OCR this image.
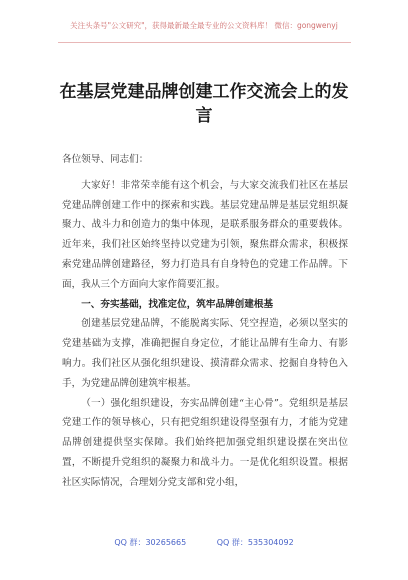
关注头条号"公文研究"，获得最新最全最专业的公文资料库！ 微信：gongwenyj
在基层党建品牌创建工作交流会上的发言

各位领导、同志们：

大家好！非常荣幸能有这个机会，与大家交流我们社区在基层党建品牌创建工作中的探索和实践。基层党建品牌是基层党组织凝聚力、战斗力和创造力的集中体现，是联系服务群众的重要载体。近年来，我们社区始终坚持以党建为引领，聚焦群众需求，积极探索党建品牌创建路径，努力打造具有自身特色的党建工作品牌。下面，我从三个方面向大家作简要汇报。

一、夯实基础，找准定位，筑牢品牌创建根基

创建基层党建品牌，不能脱离实际、凭空捏造，必须以坚实的党建基础为支撑，准确把握自身定位，才能让品牌有生命力、有影响力。我们社区从强化组织建设、摸清群众需求、挖掘自身特色入手，为党建品牌创建筑牢根基。

（一）强化组织建设，夯实品牌创建“主心骨”。党组织是基层党建工作的领导核心，只有把党组织建设得坚强有力，才能为党建品牌创建提供坚实保障。我们始终把加强党组织建设摆在突出位置，不断提升党组织的凝聚力和战斗力。一是优化组织设置。根据社区实际情况，合理划分党支部和党小组，

QQ 群：30265665	QQ 群：535304092
